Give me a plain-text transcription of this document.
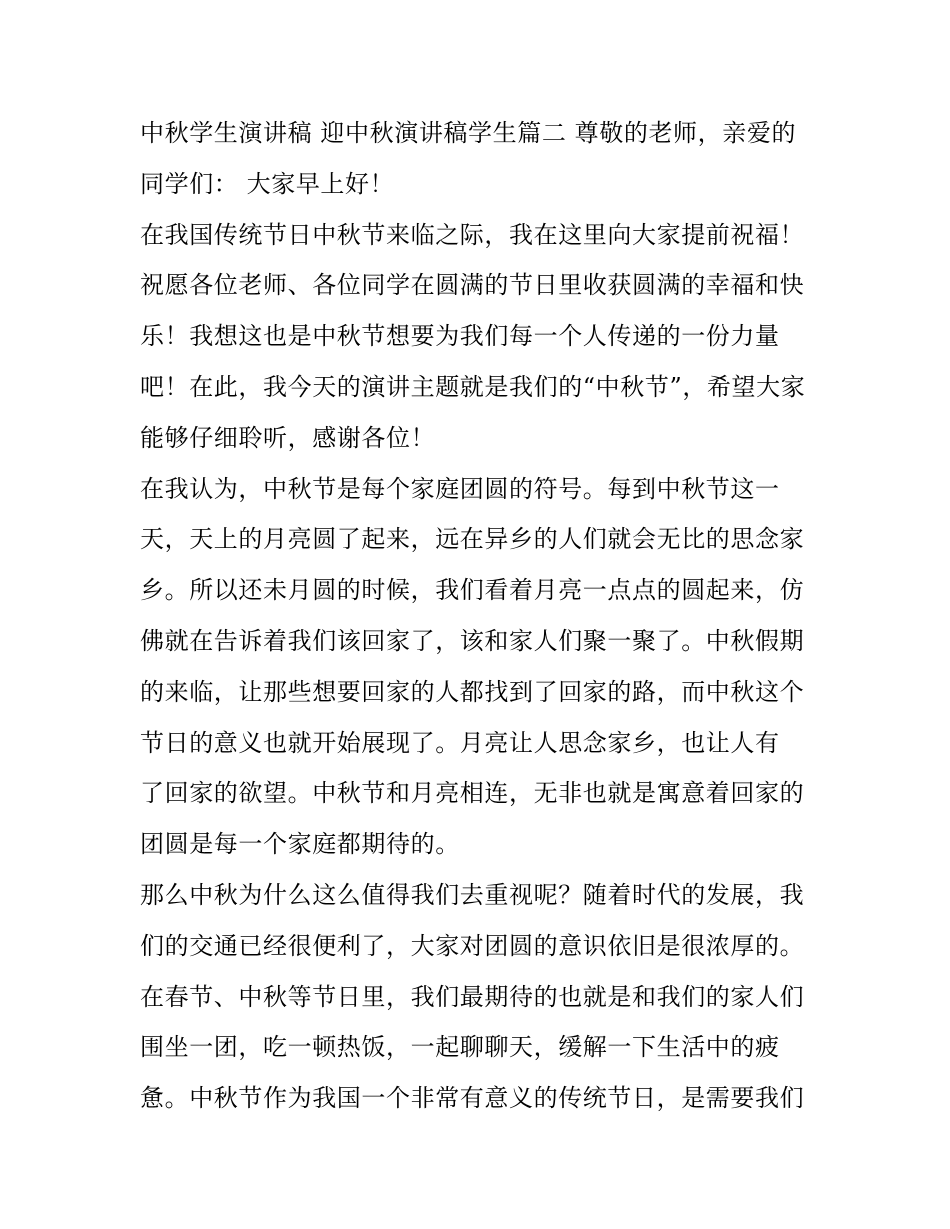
中秋学生演讲稿 迎中秋演讲稿学生篇二 尊敬的老师，亲爱的
同学们： 大家早上好！
在我国传统节日中秋节来临之际，我在这里向大家提前祝福！
祝愿各位老师、各位同学在圆满的节日里收获圆满的幸福和快
乐！我想这也是中秋节想要为我们每一个人传递的一份力量
吧！在此，我今天的演讲主题就是我们的“中秋节”，希望大家
能够仔细聆听，感谢各位！
在我认为，中秋节是每个家庭团圆的符号。每到中秋节这一
天，天上的月亮圆了起来，远在异乡的人们就会无比的思念家
乡。所以还未月圆的时候，我们看着月亮一点点的圆起来，仿
佛就在告诉着我们该回家了，该和家人们聚一聚了。中秋假期
的来临，让那些想要回家的人都找到了回家的路，而中秋这个
节日的意义也就开始展现了。月亮让人思念家乡，也让人有
了回家的欲望。中秋节和月亮相连，无非也就是寓意着回家的
团圆是每一个家庭都期待的。
那么中秋为什么这么值得我们去重视呢？随着时代的发展，我
们的交通已经很便利了，大家对团圆的意识依旧是很浓厚的。
在春节、中秋等节日里，我们最期待的也就是和我们的家人们
围坐一团，吃一顿热饭，一起聊聊天，缓解一下生活中的疲
惫。中秋节作为我国一个非常有意义的传统节日，是需要我们
